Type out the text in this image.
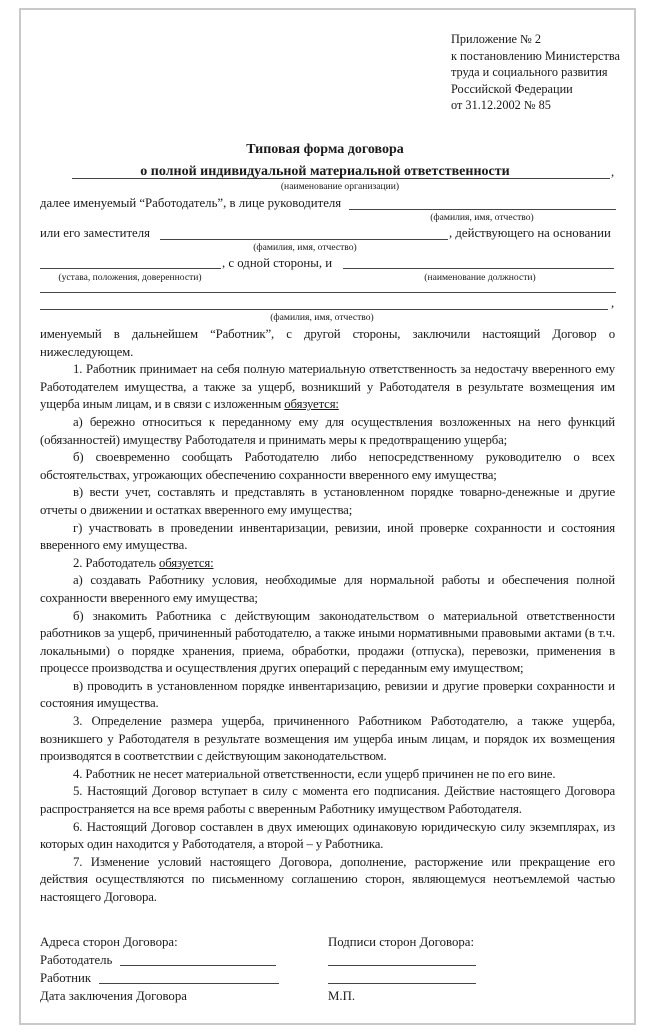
Приложение № 2
к постановлению Министерства
труда и социального развития
Российской Федерации
от 31.12.2002 № 85
Типовая форма договора
о полной индивидуальной материальной ответственности	,
(наименование организации)
далее именуемый “Работодатель”, в лице руководителя
(фамилия, имя, отчество)
или его заместителя	, действующего на основании
(фамилия, имя, отчество)
, с одной стороны, и
(устава, положения, доверенности)	(наименование должности)
,
(фамилия, имя, отчество)

именуемый в дальнейшем “Работник”, с другой стороны, заключили настоящий Договор о нижеследующем.

1. Работник принимает на себя полную материальную ответственность за недостачу вверенного ему Работодателем имущества, а также за ущерб, возникший у Работодателя в результате возмещения им ущерба иным лицам, и в связи с изложенным обязуется:

а) бережно относиться к переданному ему для осуществления возложенных на него функций (обязанностей) имуществу Работодателя и принимать меры к предотвращению ущерба;

б) своевременно сообщать Работодателю либо непосредственному руководителю о всех обстоятельствах, угрожающих обеспечению сохранности вверенного ему имущества;

в) вести учет, составлять и представлять в установленном порядке товарно-денежные и другие отчеты о движении и остатках вверенного ему имущества;

г) участвовать в проведении инвентаризации, ревизии, иной проверке сохранности и состояния вверенного ему имущества.

2. Работодатель обязуется:

а) создавать Работнику условия, необходимые для нормальной работы и обеспечения полной сохранности вверенного ему имущества;

б) знакомить Работника с действующим законодательством о материальной ответственности работников за ущерб, причиненный работодателю, а также иными нормативными правовыми актами (в т.ч. локальными) о порядке хранения, приема, обработки, продажи (отпуска), перевозки, применения в процессе производства и осуществления других операций с переданным ему имуществом;

в) проводить в установленном порядке инвентаризацию, ревизии и другие проверки сохранности и состояния имущества.

3. Определение размера ущерба, причиненного Работником Работодателю, а также ущерба, возникшего у Работодателя в результате возмещения им ущерба иным лицам, и порядок их возмещения производятся в соответствии с действующим законодательством.

4. Работник не несет материальной ответственности, если ущерб причинен не по его вине.

5. Настоящий Договор вступает в силу с момента его подписания. Действие настоящего Договора распространяется на все время работы с вверенным Работнику имуществом Работодателя.

6. Настоящий Договор составлен в двух имеющих одинаковую юридическую силу экземплярах, из которых один находится у Работодателя, а второй – у Работника.

7. Изменение условий настоящего Договора, дополнение, расторжение или прекращение его действия осуществляются по письменному соглашению сторон, являющемуся неотъемлемой частью настоящего Договора.

Адреса сторон Договора:	Подписи сторон Договора:
Работодатель
Работник
Дата заключения Договора	М.П.
